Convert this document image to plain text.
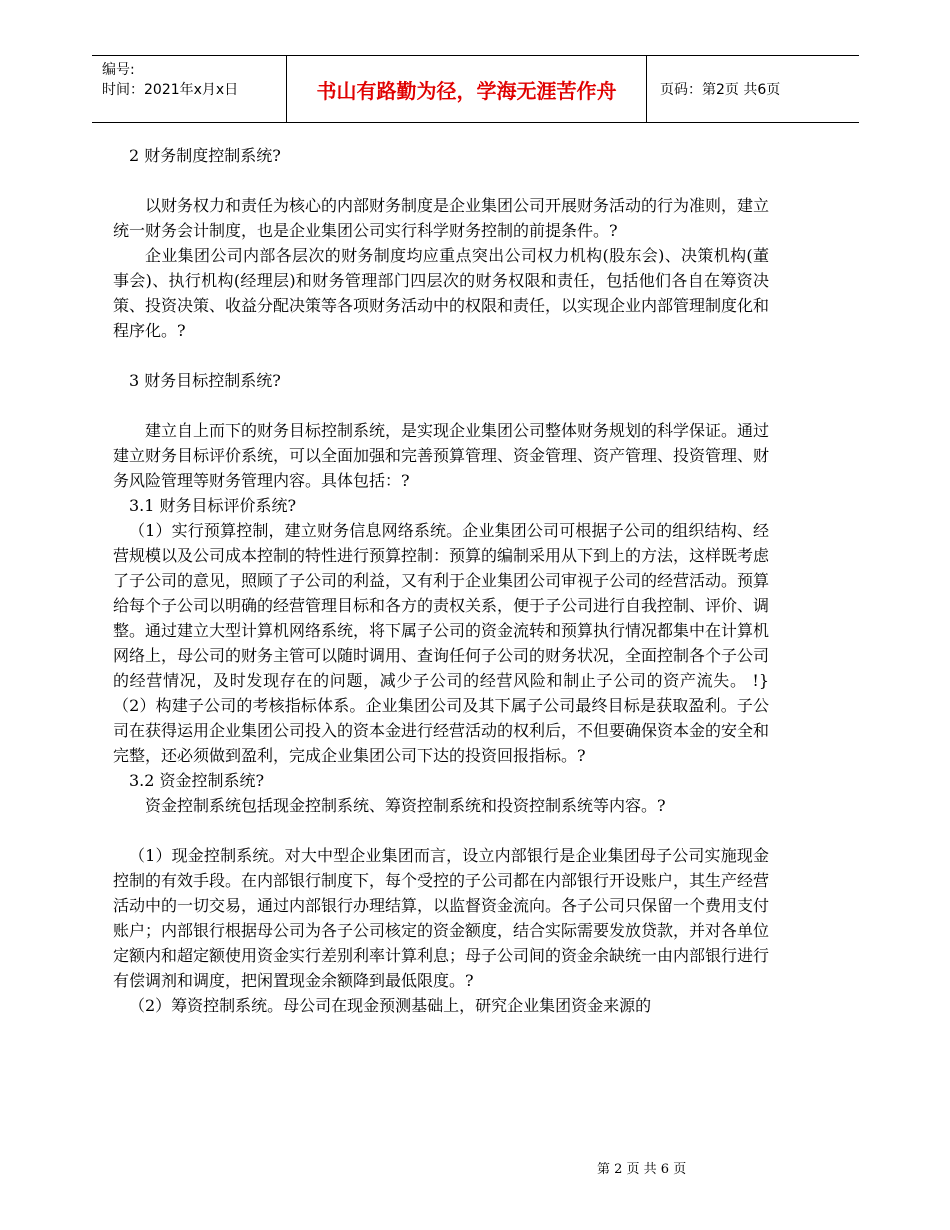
编号:
时间：2021年x月x日	书山有路勤为径，学海无涯苦作舟	页码：第2页 共6页

2 财务制度控制系统?

以财务权力和责任为核心的内部财务制度是企业集团公司开展财务活动的行为准则，建立统一财务会计制度，也是企业集团公司实行科学财务控制的前提条件。?

企业集团公司内部各层次的财务制度均应重点突出公司权力机构(股东会)、决策机构(董事会)、执行机构(经理层)和财务管理部门四层次的财务权限和责任，包括他们各自在筹资决策、投资决策、收益分配决策等各项财务活动中的权限和责任，以实现企业内部管理制度化和程序化。?

3 财务目标控制系统?

建立自上而下的财务目标控制系统，是实现企业集团公司整体财务规划的科学保证。通过建立财务目标评价系统，可以全面加强和完善预算管理、资金管理、资产管理、投资管理、财务风险管理等财务管理内容。具体包括：?

3.1 财务目标评价系统?

（1）实行预算控制，建立财务信息网络系统。企业集团公司可根据子公司的组织结构、经营规模以及公司成本控制的特性进行预算控制：预算的编制采用从下到上的方法，这样既考虑了子公司的意见，照顾了子公司的利益，又有利于企业集团公司审视子公司的经营活动。预算给每个子公司以明确的经营管理目标和各方的责权关系，便于子公司进行自我控制、评价、调整。通过建立大型计算机网络系统，将下属子公司的资金流转和预算执行情况都集中在计算机网络上，母公司的财务主管可以随时调用、查询任何子公司的财务状况，全面控制各个子公司的经营情况，及时发现存在的问题，减少子公司的经营风险和制止子公司的资产流失。 !}（2）构建子公司的考核指标体系。企业集团公司及其下属子公司最终目标是获取盈利。子公司在获得运用企业集团公司投入的资本金进行经营活动的权利后，不但要确保资本金的安全和完整，还必须做到盈利，完成企业集团公司下达的投资回报指标。?

3.2 资金控制系统?

资金控制系统包括现金控制系统、筹资控制系统和投资控制系统等内容。?

（1）现金控制系统。对大中型企业集团而言，设立内部银行是企业集团母子公司实施现金控制的有效手段。在内部银行制度下，每个受控的子公司都在内部银行开设账户，其生产经营活动中的一切交易，通过内部银行办理结算，以监督资金流向。各子公司只保留一个费用支付账户；内部银行根据母公司为各子公司核定的资金额度，结合实际需要发放贷款，并对各单位定额内和超定额使用资金实行差别利率计算利息；母子公司间的资金余缺统一由内部银行进行有偿调剂和调度，把闲置现金余额降到最低限度。?

（2）筹资控制系统。母公司在现金预测基础上，研究企业集团资金来源的

第 2 页 共 6 页
